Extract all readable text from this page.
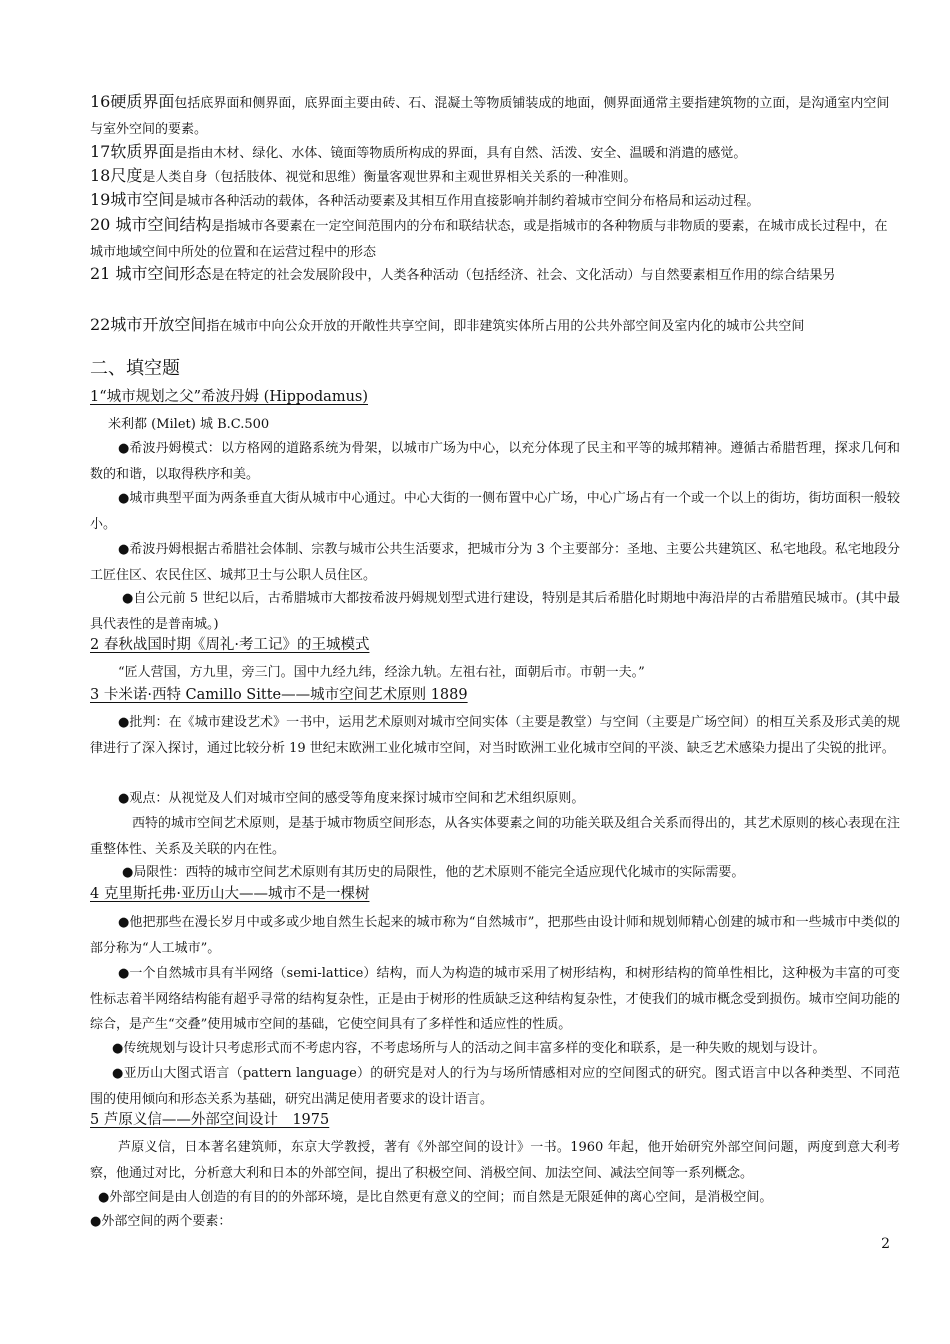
16硬质界面包括底界面和侧界面，底界面主要由砖、石、混凝土等物质铺装成的地面，侧界面通常主要指建筑物的立面，是沟通室内空间与室外空间的要素。
17软质界面是指由木材、绿化、水体、镜面等物质所构成的界面，具有自然、活泼、安全、温暖和消遣的感觉。
18尺度是人类自身（包括肢体、视觉和思维）衡量客观世界和主观世界相关关系的一种准则。
19城市空间是城市各种活动的载体，各种活动要素及其相互作用直接影响并制约着城市空间分布格局和运动过程。
20 城市空间结构是指城市各要素在一定空间范围内的分布和联结状态，或是指城市的各种物质与非物质的要素，在城市成长过程中，在城市地域空间中所处的位置和在运营过程中的形态
21 城市空间形态是在特定的社会发展阶段中，人类各种活动（包括经济、社会、文化活动）与自然要素相互作用的综合结果另
22城市开放空间指在城市中向公众开放的开敞性共享空间，即非建筑实体所占用的公共外部空间及室内化的城市公共空间
二、填空题
1“城市规划之父”希波丹姆 (Hippodamus)
米利都 (Milet) 城 B.C.500
●希波丹姆模式：以方格网的道路系统为骨架，以城市广场为中心，以充分体现了民主和平等的城邦精神。遵循古希腊哲理，探求几何和数的和谐，以取得秩序和美。
●城市典型平面为两条垂直大街从城市中心通过。中心大街的一侧布置中心广场，中心广场占有一个或一个以上的街坊，街坊面积一般较小。
●希波丹姆根据古希腊社会体制、宗教与城市公共生活要求，把城市分为 3 个主要部分：圣地、主要公共建筑区、私宅地段。私宅地段分工匠住区、农民住区、城邦卫士与公职人员住区。
●自公元前 5 世纪以后，古希腊城市大都按希波丹姆规划型式进行建设，特别是其后希腊化时期地中海沿岸的古希腊殖民城市。(其中最具代表性的是普南城。)
2 春秋战国时期《周礼·考工记》的王城模式
“匠人营国，方九里，旁三门。国中九经九纬，经涂九轨。左祖右社，面朝后市。市朝一夫。”
3 卡米诺·西特 Camillo Sitte——城市空间艺术原则 1889
●批判：在《城市建设艺术》一书中，运用艺术原则对城市空间实体（主要是教堂）与空间（主要是广场空间）的相互关系及形式美的规律进行了深入探讨，通过比较分析 19 世纪末欧洲工业化城市空间，对当时欧洲工业化城市空间的平淡、缺乏艺术感染力提出了尖锐的批评。
●观点：从视觉及人们对城市空间的感受等角度来探讨城市空间和艺术组织原则。
西特的城市空间艺术原则，是基于城市物质空间形态，从各实体要素之间的功能关联及组合关系而得出的，其艺术原则的核心表现在注重整体性、关系及关联的内在性。
●局限性：西特的城市空间艺术原则有其历史的局限性，他的艺术原则不能完全适应现代化城市的实际需要。
4 克里斯托弗·亚历山大——城市不是一棵树
●他把那些在漫长岁月中或多或少地自然生长起来的城市称为“自然城市”，把那些由设计师和规划师精心创建的城市和一些城市中类似的部分称为“人工城市”。
●一个自然城市具有半网络（semi-lattice）结构，而人为构造的城市采用了树形结构，和树形结构的简单性相比，这种极为丰富的可变性标志着半网络结构能有超乎寻常的结构复杂性，正是由于树形的性质缺乏这种结构复杂性，才使我们的城市概念受到损伤。城市空间功能的综合，是产生“交叠”使用城市空间的基础，它使空间具有了多样性和适应性的性质。
●传统规划与设计只考虑形式而不考虑内容，不考虑场所与人的活动之间丰富多样的变化和联系，是一种失败的规划与设计。
●亚历山大图式语言（pattern language）的研究是对人的行为与场所情感相对应的空间图式的研究。图式语言中以各种类型、不同范围的使用倾向和形态关系为基础，研究出满足使用者要求的设计语言。
5 芦原义信——外部空间设计　1975
芦原义信，日本著名建筑师，东京大学教授，著有《外部空间的设计》一书。1960 年起，他开始研究外部空间问题，两度到意大利考察，他通过对比，分析意大利和日本的外部空间，提出了积极空间、消极空间、加法空间、减法空间等一系列概念。
●外部空间是由人创造的有目的的外部环境，是比自然更有意义的空间；而自然是无限延伸的离心空间，是消极空间。
●外部空间的两个要素：
2
